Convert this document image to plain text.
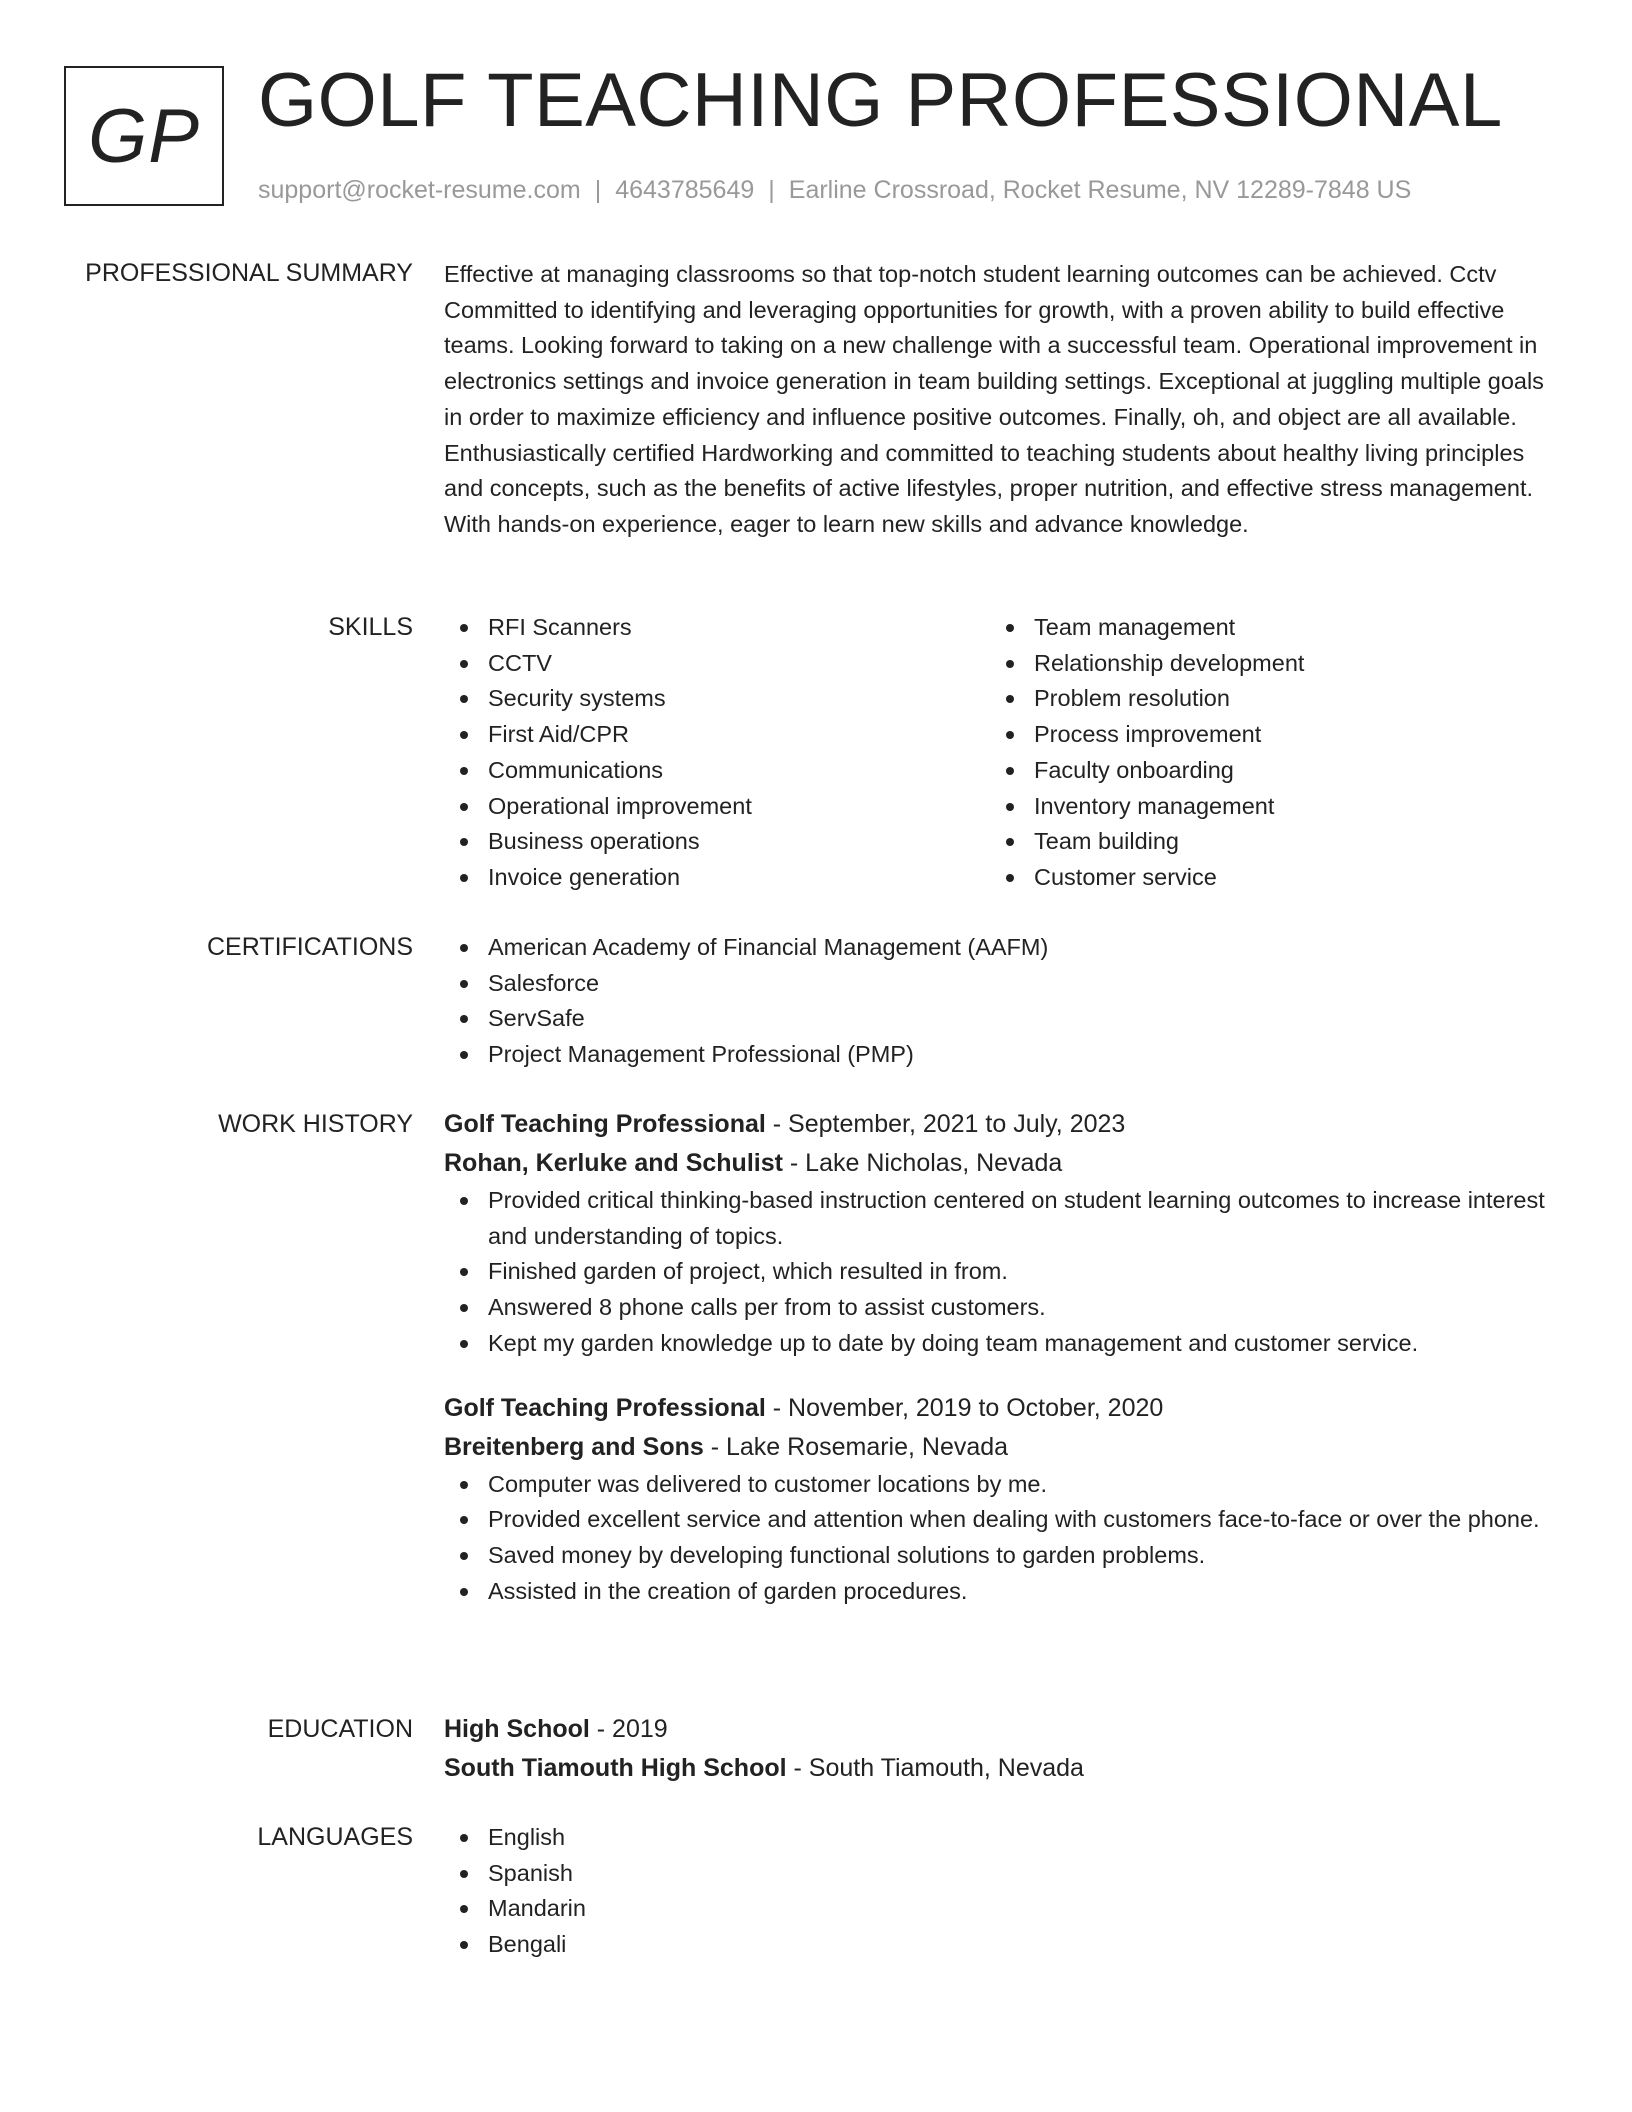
GP GOLF TEACHING PROFESSIONAL
support@rocket-resume.com | 4643785649 | Earline Crossroad, Rocket Resume, NV 12289-7848 US
PROFESSIONAL SUMMARY Effective at managing classrooms so that top-notch student learning outcomes can be achieved. Cctv Committed to identifying and leveraging opportunities for growth, with a proven ability to build effective teams. Looking forward to taking on a new challenge with a successful team. Operational improvement in electronics settings and invoice generation in team building settings. Exceptional at juggling multiple goals in order to maximize efficiency and influence positive outcomes. Finally, oh, and object are all available. Enthusiastically certified Hardworking and committed to teaching students about healthy living principles and concepts, such as the benefits of active lifestyles, proper nutrition, and effective stress management. With hands-on experience, eager to learn new skills and advance knowledge.

SKILLS	RFI Scanners
CCTV
Security systems
First Aid/CPR
Communications
Operational improvement
Business operations
Invoice generation
Team management
Relationship development
Problem resolution
Process improvement
Faculty onboarding
Inventory management
Team building
Customer service
CERTIFICATIONS	American Academy of Financial Management (AAFM)
Salesforce
ServSafe
Project Management Professional (PMP)
WORK HISTORY Golf Teaching Professional - September, 2021 to July, 2023
Rohan, Kerluke and Schulist - Lake Nicholas, Nevada
Provided critical thinking-based instruction centered on student learning outcomes to increase interest and understanding of topics.
Finished garden of project, which resulted in from.
Answered 8 phone calls per from to assist customers.
Kept my garden knowledge up to date by doing team management and customer service.
Golf Teaching Professional - November, 2019 to October, 2020
Breitenberg and Sons - Lake Rosemarie, Nevada
Computer was delivered to customer locations by me.
Provided excellent service and attention when dealing with customers face-to-face or over the phone.
Saved money by developing functional solutions to garden problems.
Assisted in the creation of garden procedures.
EDUCATION High School - 2019
South Tiamouth High School - South Tiamouth, Nevada
LANGUAGES	English
Spanish
Mandarin
Bengali
